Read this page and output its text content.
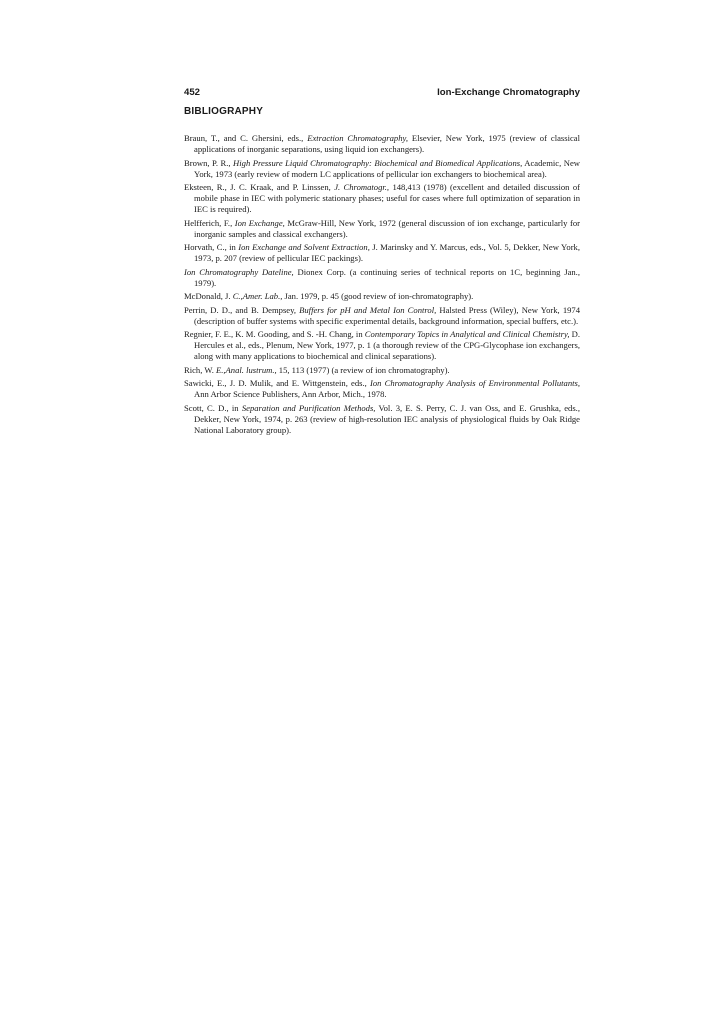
452	Ion-Exchange Chromatography
BIBLIOGRAPHY

Braun, T., and C. Ghersini, eds., Extraction Chromatography, Elsevier, New York, 1975 (review of classical applications of inorganic separations, using liquid ion exchangers).

Brown, P. R., High Pressure Liquid Chromatography: Biochemical and Biomedical Applications, Academic, New York, 1973 (early review of modern LC applications of pellicular ion exchangers to biochemical area).

Eksteen, R., J. C. Kraak, and P. Linssen, J. Chromatogr., 148,413 (1978) (excellent and detailed discussion of mobile phase in IEC with polymeric stationary phases; useful for cases where full optimization of separation in IEC is required).

Helfferich, F., Ion Exchange, McGraw-Hill, New York, 1972 (general discussion of ion exchange, particularly for inorganic samples and classical exchangers).

Horvath, C., in Ion Exchange and Solvent Extraction, J. Marinsky and Y. Marcus, eds., Vol. 5, Dekker, New York, 1973, p. 207 (review of pellicular IEC packings).

Ion Chromatography Dateline, Dionex Corp. (a continuing series of technical reports on 1C, beginning Jan., 1979).

McDonald, J. C.,Amer. Lab., Jan. 1979, p. 45 (good review of ion-chromatography).

Perrin, D. D., and B. Dempsey, Buffers for pH and Metal Ion Control, Halsted Press (Wiley), New York, 1974 (description of buffer systems with specific experimental details, background information, special buffers, etc.).

Regnier, F. E., K. M. Gooding, and S. -H. Chang, in Contemporary Topics in Analytical and Clinical Chemistry, D. Hercules et al., eds., Plenum, New York, 1977, p. 1 (a thorough review of the CPG-Glycophase ion exchangers, along with many applications to biochemical and clinical separations).

Rich, W. E.,Anal. lustrum., 15, 113 (1977) (a review of ion chromatography).

Sawicki, E., J. D. Mulik, and E. Wittgenstein, eds., Ion Chromatography Analysis of Environmental Pollutants, Ann Arbor Science Publishers, Ann Arbor, Mich., 1978.

Scott, C. D., in Separation and Purification Methods, Vol. 3, E. S. Perry, C. J. van Oss, and E. Grushka, eds., Dekker, New York, 1974, p. 263 (review of high-resolution IEC analysis of physiological fluids by Oak Ridge National Laboratory group).
